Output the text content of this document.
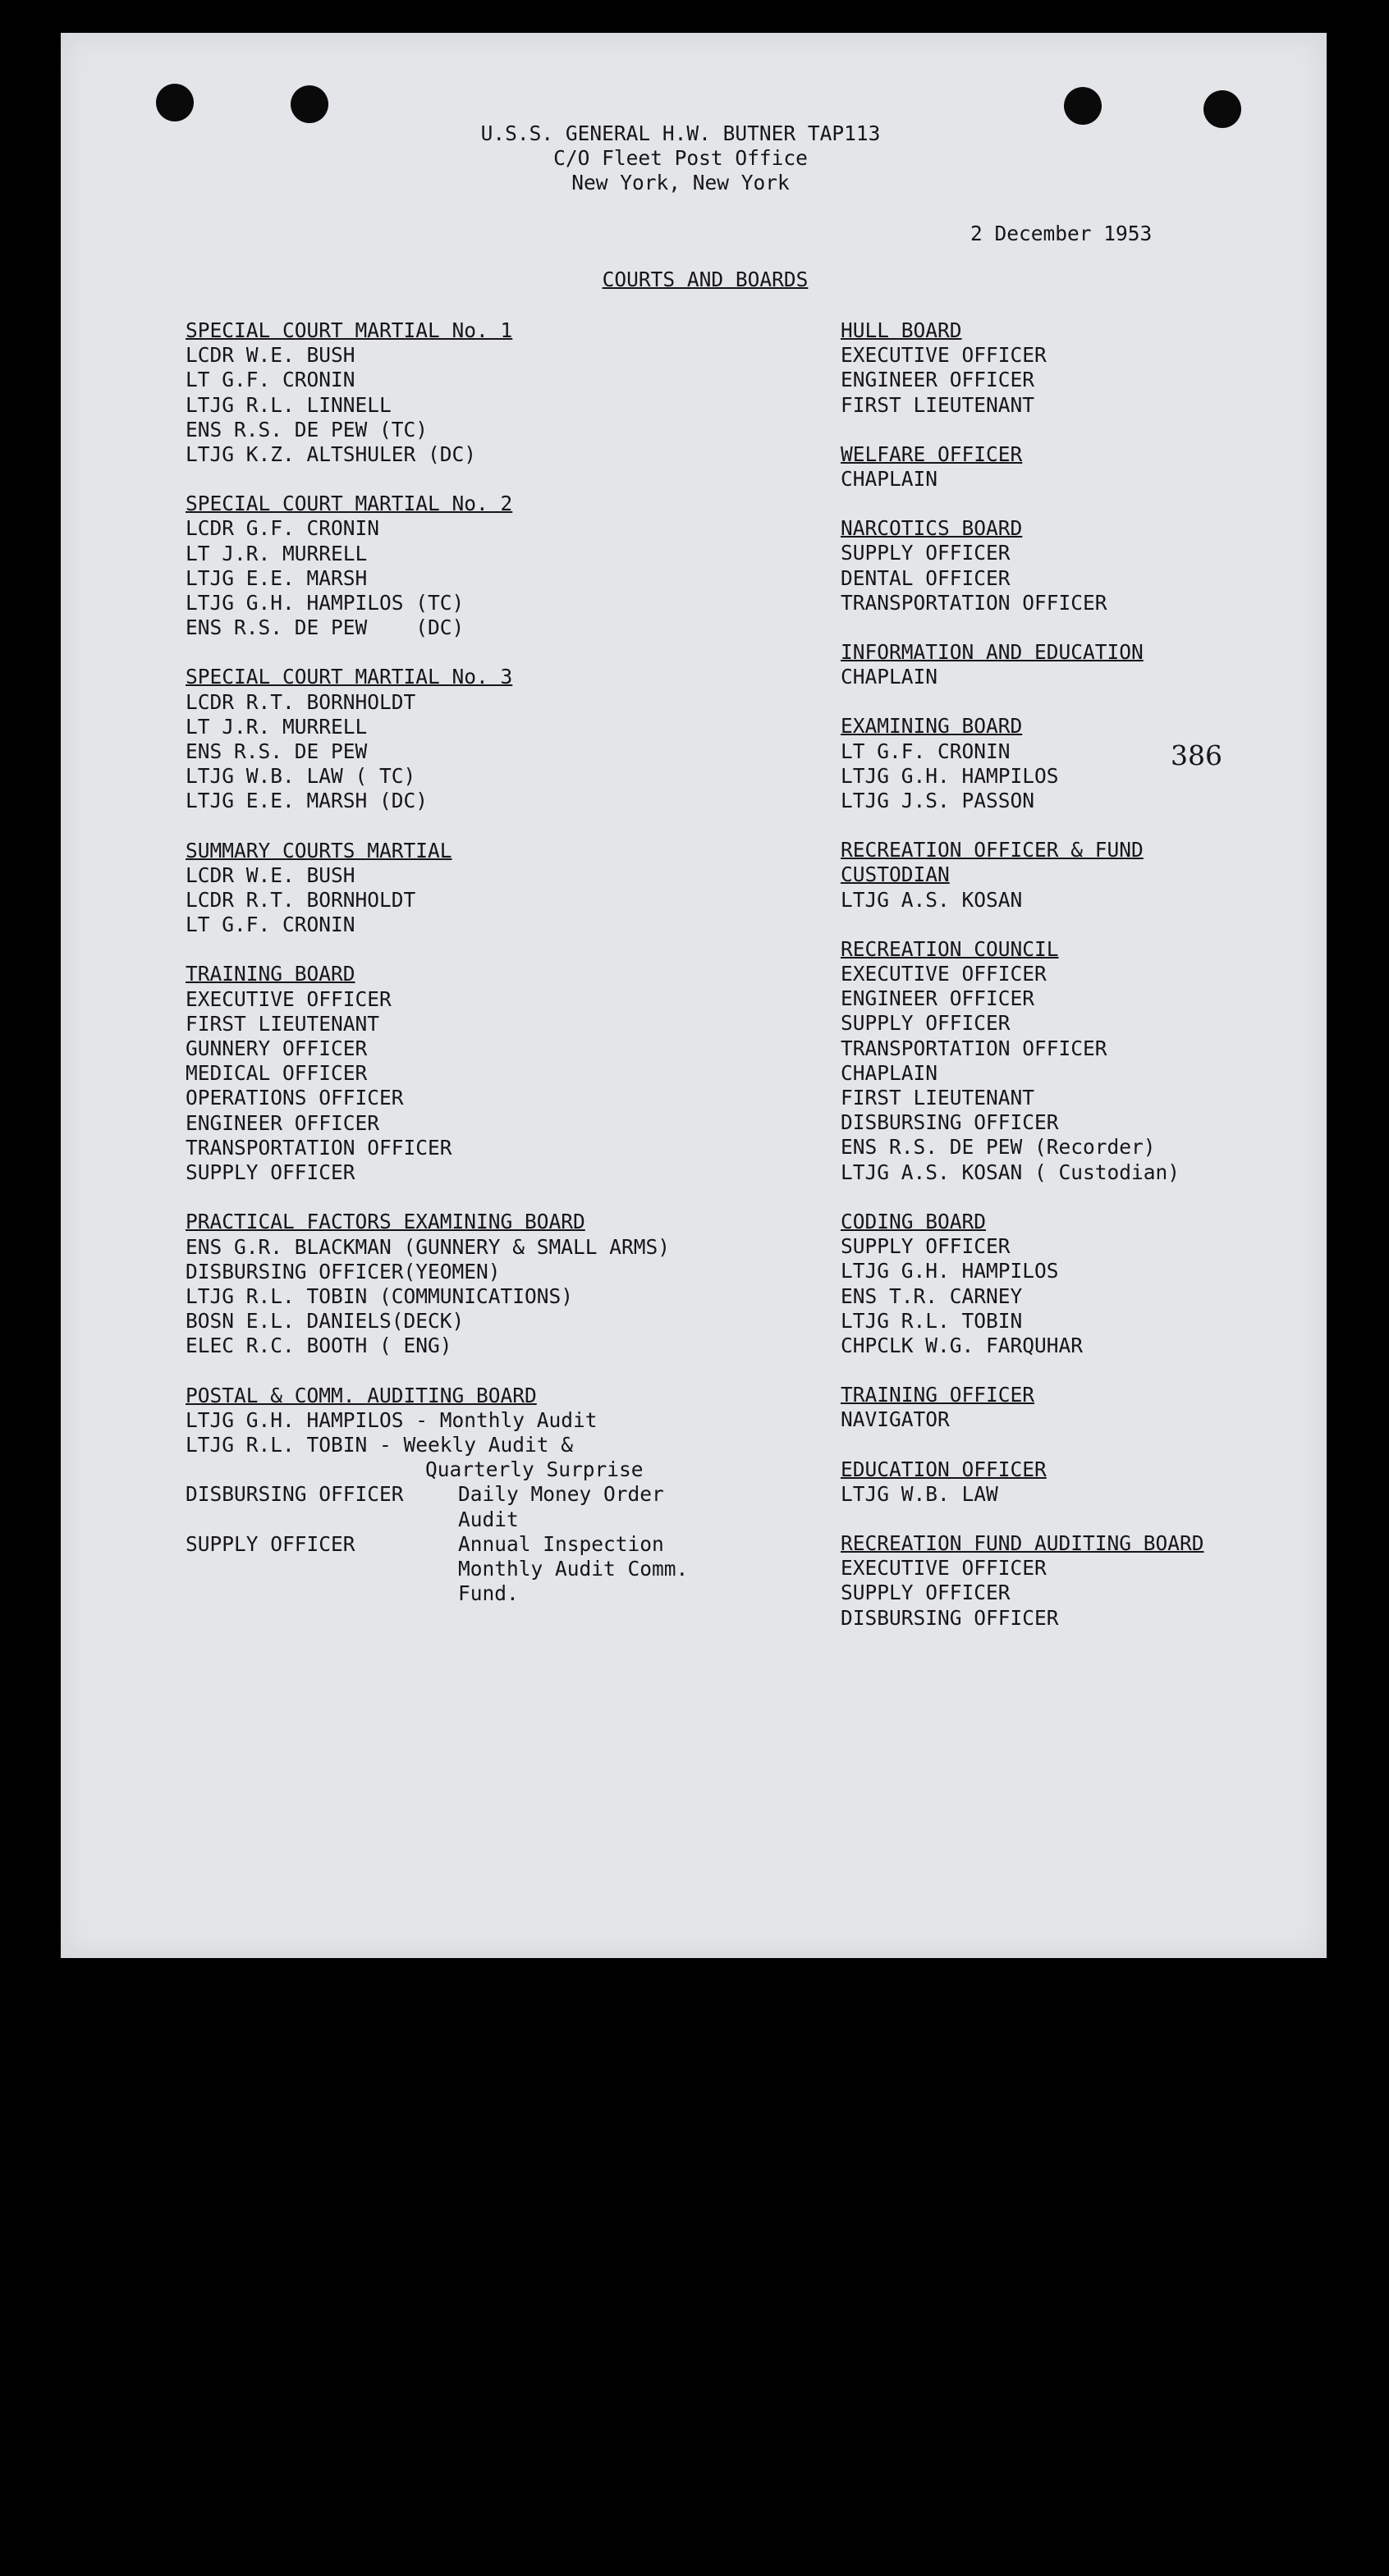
U.S.S. GENERAL H.W. BUTNER TAP113
C/O Fleet Post Office
New York, New York
2 December 1953
COURTS AND BOARDS
386
SPECIAL COURT MARTIAL No. 1
LCDR W.E. BUSH
LT G.F. CRONIN
LTJG R.L. LINNELL
ENS R.S. DE PEW (TC)
LTJG K.Z. ALTSHULER (DC)
SPECIAL COURT MARTIAL No. 2
LCDR G.F. CRONIN
LT J.R. MURRELL
LTJG E.E. MARSH
LTJG G.H. HAMPILOS (TC)
ENS R.S. DE PEW    (DC)
SPECIAL COURT MARTIAL No. 3
LCDR R.T. BORNHOLDT
LT J.R. MURRELL
ENS R.S. DE PEW
LTJG W.B. LAW ( TC)
LTJG E.E. MARSH (DC)
SUMMARY COURTS MARTIAL
LCDR W.E. BUSH
LCDR R.T. BORNHOLDT
LT G.F. CRONIN
TRAINING BOARD
EXECUTIVE OFFICER
FIRST LIEUTENANT
GUNNERY OFFICER
MEDICAL OFFICER
OPERATIONS OFFICER
ENGINEER OFFICER
TRANSPORTATION OFFICER
SUPPLY OFFICER
PRACTICAL FACTORS EXAMINING BOARD
ENS G.R. BLACKMAN (GUNNERY & SMALL ARMS)
DISBURSING OFFICER(YEOMEN)
LTJG R.L. TOBIN (COMMUNICATIONS)
BOSN E.L. DANIELS(DECK)
ELEC R.C. BOOTH ( ENG)
POSTAL & COMM. AUDITING BOARD
LTJG G.H. HAMPILOS - Monthly Audit
LTJG R.L. TOBIN - Weekly Audit &
Quarterly Surprise
DISBURSING OFFICER	Daily Money Order
Audit
SUPPLY OFFICER	Annual Inspection
Monthly Audit Comm.
Fund.
HULL BOARD
EXECUTIVE OFFICER
ENGINEER OFFICER
FIRST LIEUTENANT
WELFARE OFFICER
CHAPLAIN
NARCOTICS BOARD
SUPPLY OFFICER
DENTAL OFFICER
TRANSPORTATION OFFICER
INFORMATION AND EDUCATION
CHAPLAIN
EXAMINING BOARD
LT G.F. CRONIN
LTJG G.H. HAMPILOS
LTJG J.S. PASSON
RECREATION OFFICER & FUND
CUSTODIAN
LTJG A.S. KOSAN
RECREATION COUNCIL
EXECUTIVE OFFICER
ENGINEER OFFICER
SUPPLY OFFICER
TRANSPORTATION OFFICER
CHAPLAIN
FIRST LIEUTENANT
DISBURSING OFFICER
ENS R.S. DE PEW (Recorder)
LTJG A.S. KOSAN ( Custodian)
CODING BOARD
SUPPLY OFFICER
LTJG G.H. HAMPILOS
ENS T.R. CARNEY
LTJG R.L. TOBIN
CHPCLK W.G. FARQUHAR
TRAINING OFFICER
NAVIGATOR
EDUCATION OFFICER
LTJG W.B. LAW
RECREATION FUND AUDITING BOARD
EXECUTIVE OFFICER
SUPPLY OFFICER
DISBURSING OFFICER
